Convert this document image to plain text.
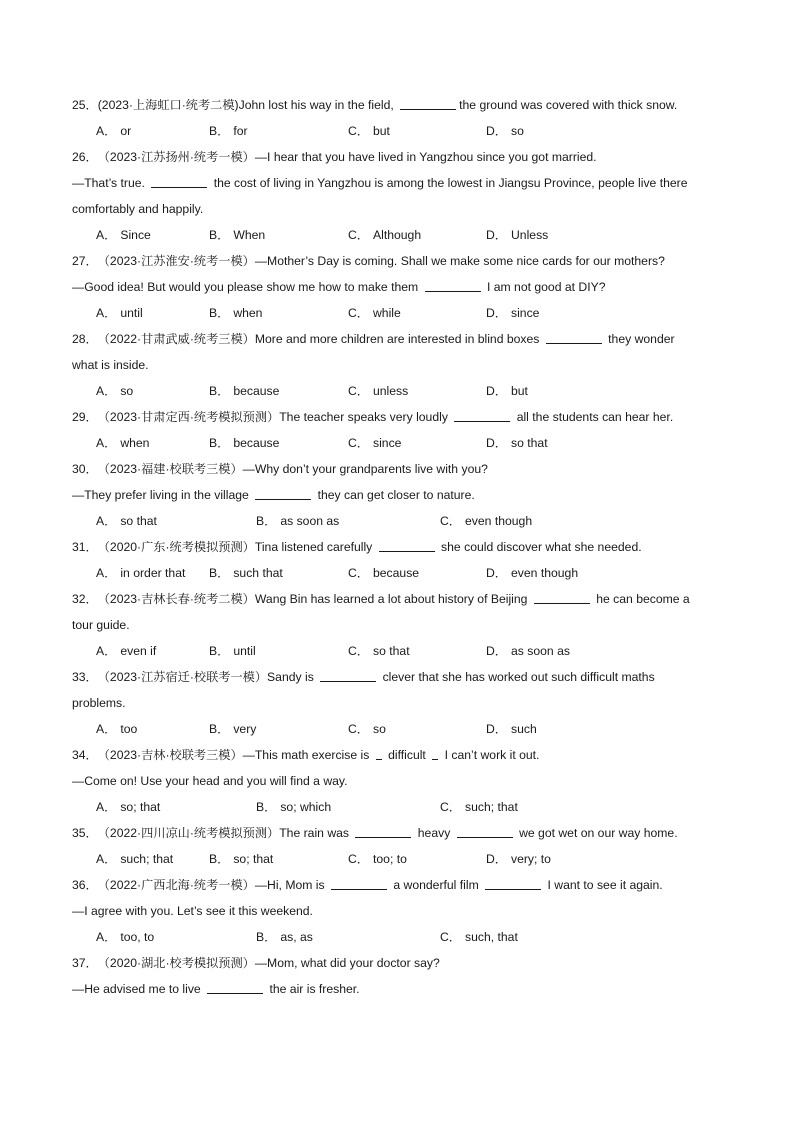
25．(2023·上海虹口·统考二模)John lost his way in the field,	the ground was covered with thick snow.
A． or	B． for	C． but	D． so
26．（2023·江苏扬州·统考一模）—I hear that you have lived in Yangzhou since you got married.
—That’s true.	the cost of living in Yangzhou is among the lowest in Jiangsu Province, people live there
comfortably and happily.
A． Since	B． When	C． Although	D． Unless
27．（2023·江苏淮安·统考一模）—Mother’s Day is coming. Shall we make some nice cards for our mothers?
—Good idea! But would you please show me how to make them	I am not good at DIY?
A． until	B． when	C． while	D． since
28．（2022·甘肃武威·统考三模）More and more children are interested in blind boxes	they wonder
what is inside.
A． so	B． because	C． unless	D． but
29．（2023·甘肃定西·统考模拟预测）The teacher speaks very loudly	all the students can hear her.
A． when	B． because	C． since	D． so that
30．（2023·福建·校联考三模）—Why don’t your grandparents live with you?
—They prefer living in the village	they can get closer to nature.
A． so that	B． as soon as	C． even though
31．（2020·广东·统考模拟预测）Tina listened carefully	she could discover what she needed.
A． in order that B． such that	C． because	D． even though
32．（2023·吉林长春·统考二模）Wang Bin has learned a lot about history of Beijing	he can become a
tour guide.
A． even if	B． until	C． so that	D． as soon as
33．（2023·江苏宿迁·校联考一模）Sandy is	clever that she has worked out such difficult maths
problems.
A． too	B． very	C． so	D． such
34．（2023·吉林·校联考三模）—This math exercise is  difficult  I can’t work it out.
—Come on! Use your head and you will find a way.
A． so; that	B． so; which	C． such; that
35．（2022·四川凉山·统考模拟预测）The rain was	heavy	we got wet on our way home.
A． such; that	B． so; that	C． too; to	D． very; to
36．（2022·广西北海·统考一模）—Hi, Mom is	a wonderful film	I want to see it again.
—I agree with you. Let’s see it this weekend.
A． too, to	B． as, as	C． such, that
37．（2020·湖北·校考模拟预测）—Mom, what did your doctor say?
—He advised me to live	the air is fresher.
